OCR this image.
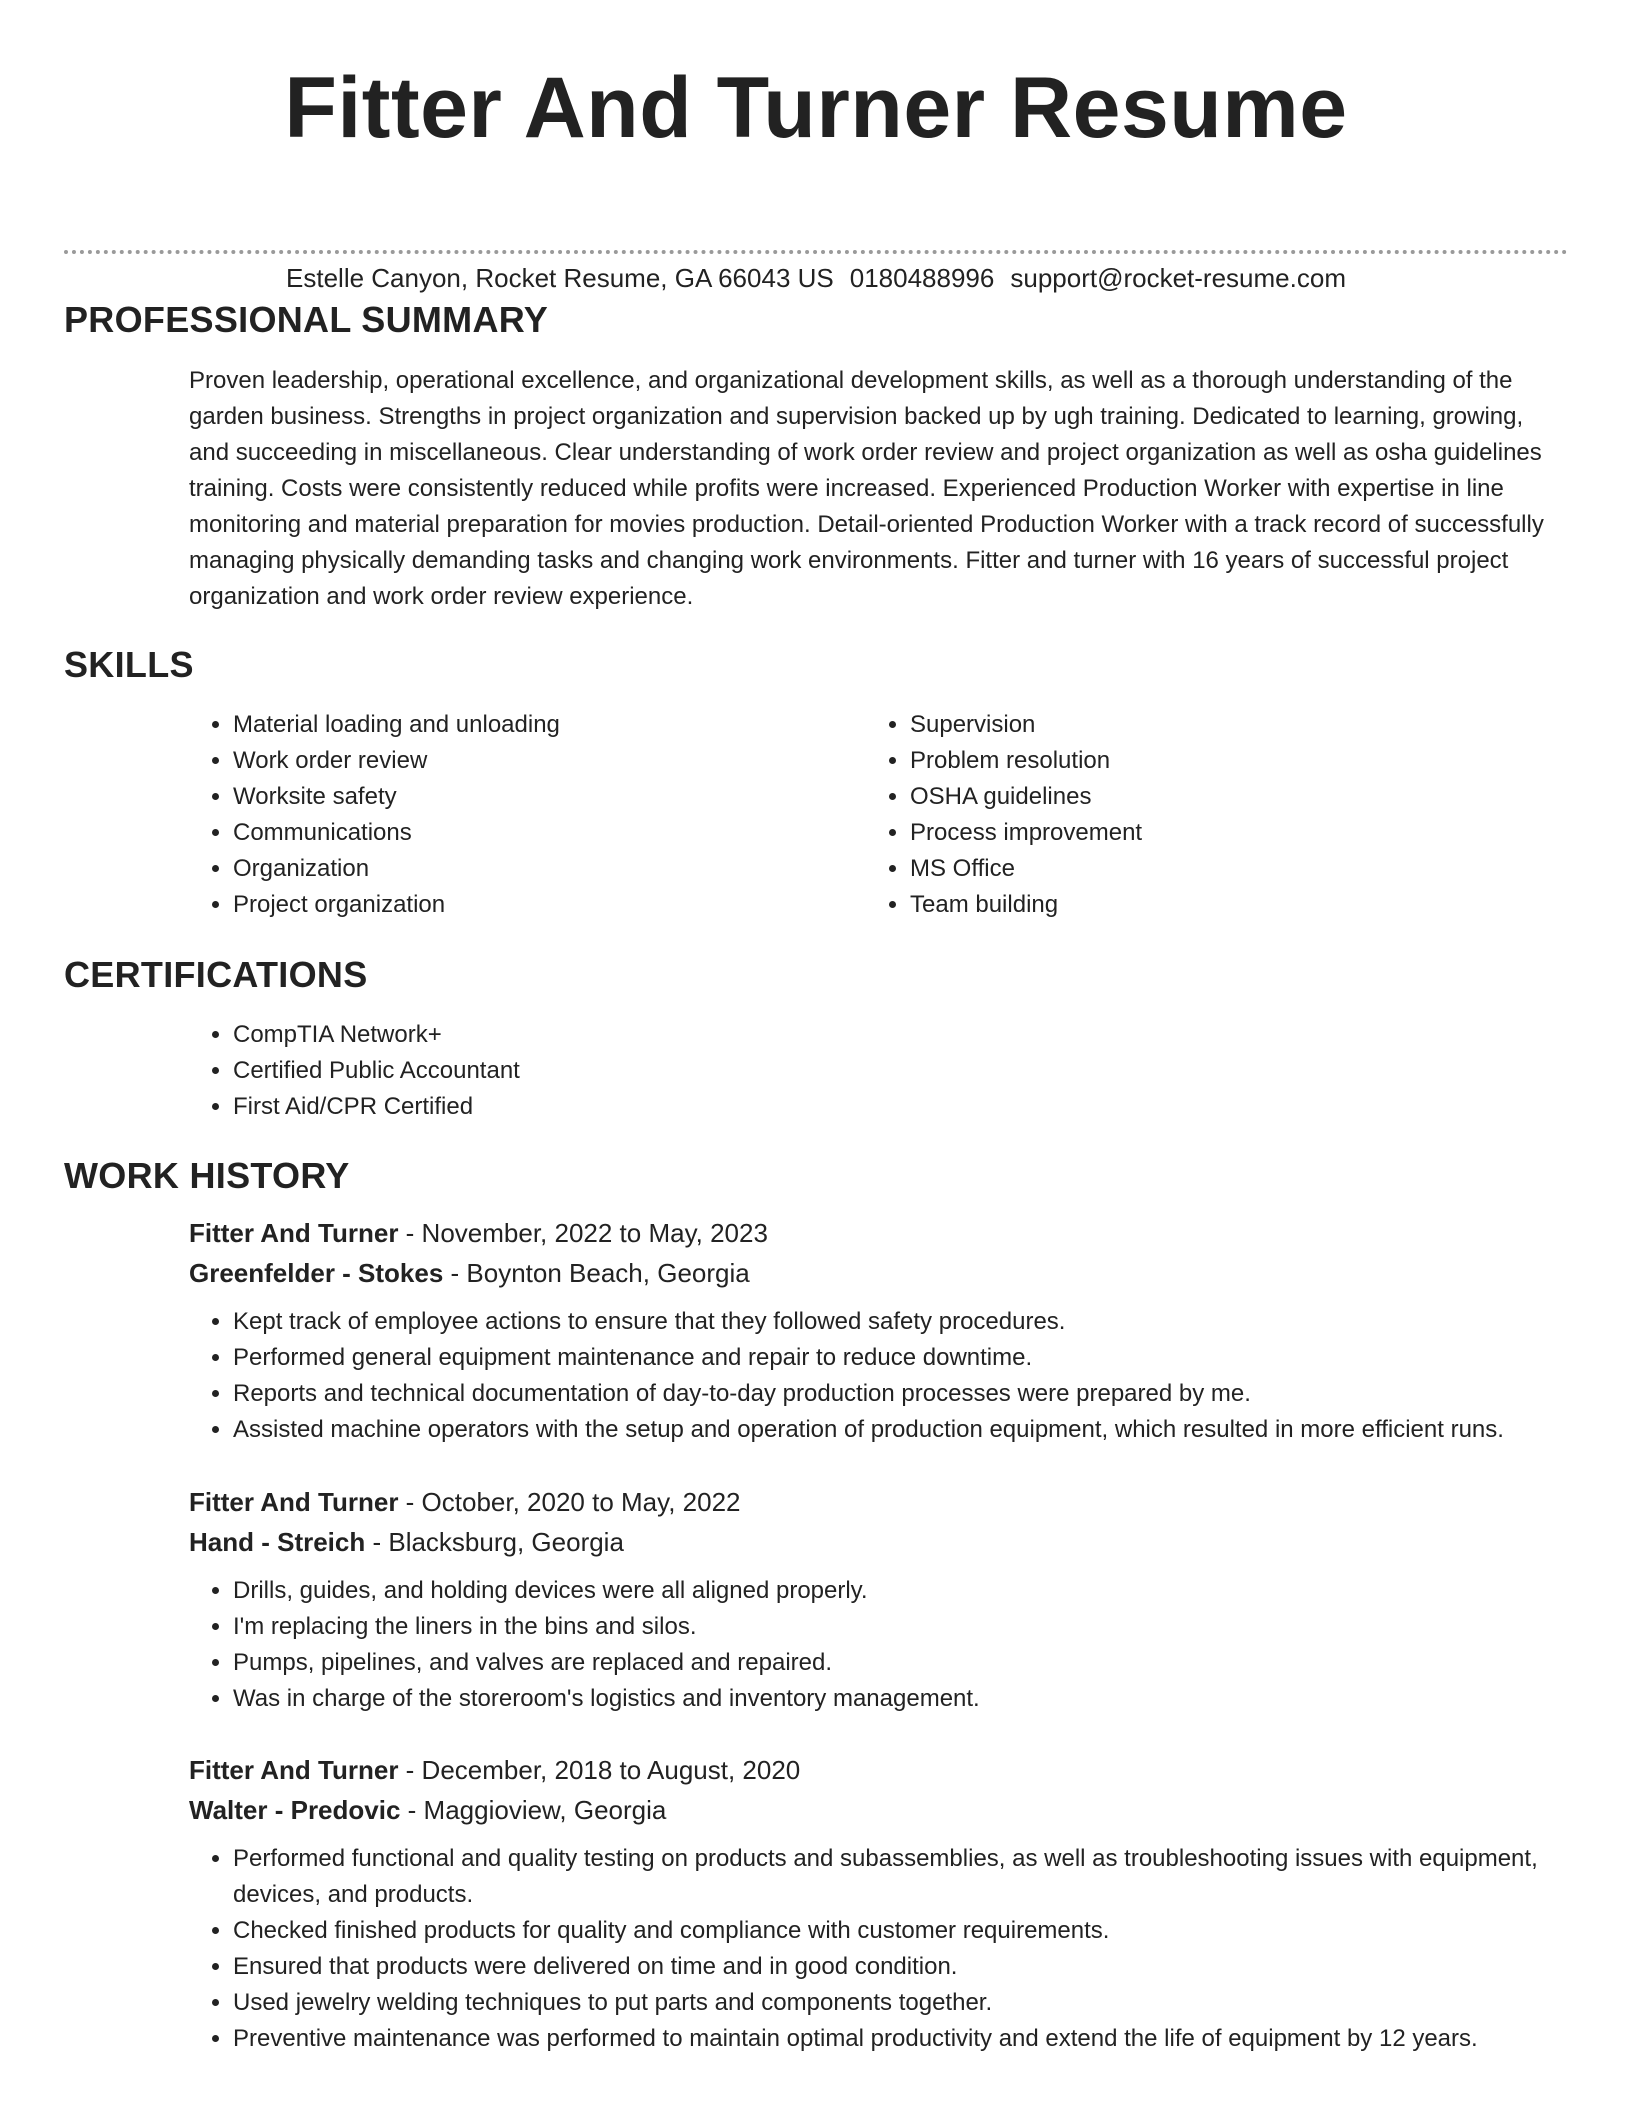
Fitter And Turner Resume
Estelle Canyon, Rocket Resume, GA 66043 US 0180488996 support@rocket-resume.com
PROFESSIONAL SUMMARY

Proven leadership, operational excellence, and organizational development skills, as well as a thorough understanding of the garden business. Strengths in project organization and supervision backed up by ugh training. Dedicated to learning, growing, and succeeding in miscellaneous. Clear understanding of work order review and project organization as well as osha guidelines training. Costs were consistently reduced while profits were increased. Experienced Production Worker with expertise in line monitoring and material preparation for movies production. Detail-oriented Production Worker with a track record of successfully managing physically demanding tasks and changing work environments. Fitter and turner with 16 years of successful project organization and work order review experience.

SKILLS
• Material loading and unloading
• Work order review
• Worksite safety
• Communications
• Organization
• Project organization
• Supervision
• Problem resolution
• OSHA guidelines
• Process improvement
• MS Office
• Team building
CERTIFICATIONS
• CompTIA Network+
• Certified Public Accountant
• First Aid/CPR Certified
WORK HISTORY
Fitter And Turner - November, 2022 to May, 2023
Greenfelder - Stokes - Boynton Beach, Georgia
• Kept track of employee actions to ensure that they followed safety procedures.
• Performed general equipment maintenance and repair to reduce downtime.
• Reports and technical documentation of day-to-day production processes were prepared by me.
• Assisted machine operators with the setup and operation of production equipment, which resulted in more efficient runs.
Fitter And Turner - October, 2020 to May, 2022
Hand - Streich - Blacksburg, Georgia
• Drills, guides, and holding devices were all aligned properly.
• I'm replacing the liners in the bins and silos.
• Pumps, pipelines, and valves are replaced and repaired.
• Was in charge of the storeroom's logistics and inventory management.
Fitter And Turner - December, 2018 to August, 2020
Walter - Predovic - Maggioview, Georgia
• Performed functional and quality testing on products and subassemblies, as well as troubleshooting issues with equipment, devices, and products.
• Checked finished products for quality and compliance with customer requirements.
• Ensured that products were delivered on time and in good condition.
• Used jewelry welding techniques to put parts and components together.
• Preventive maintenance was performed to maintain optimal productivity and extend the life of equipment by 12 years.
